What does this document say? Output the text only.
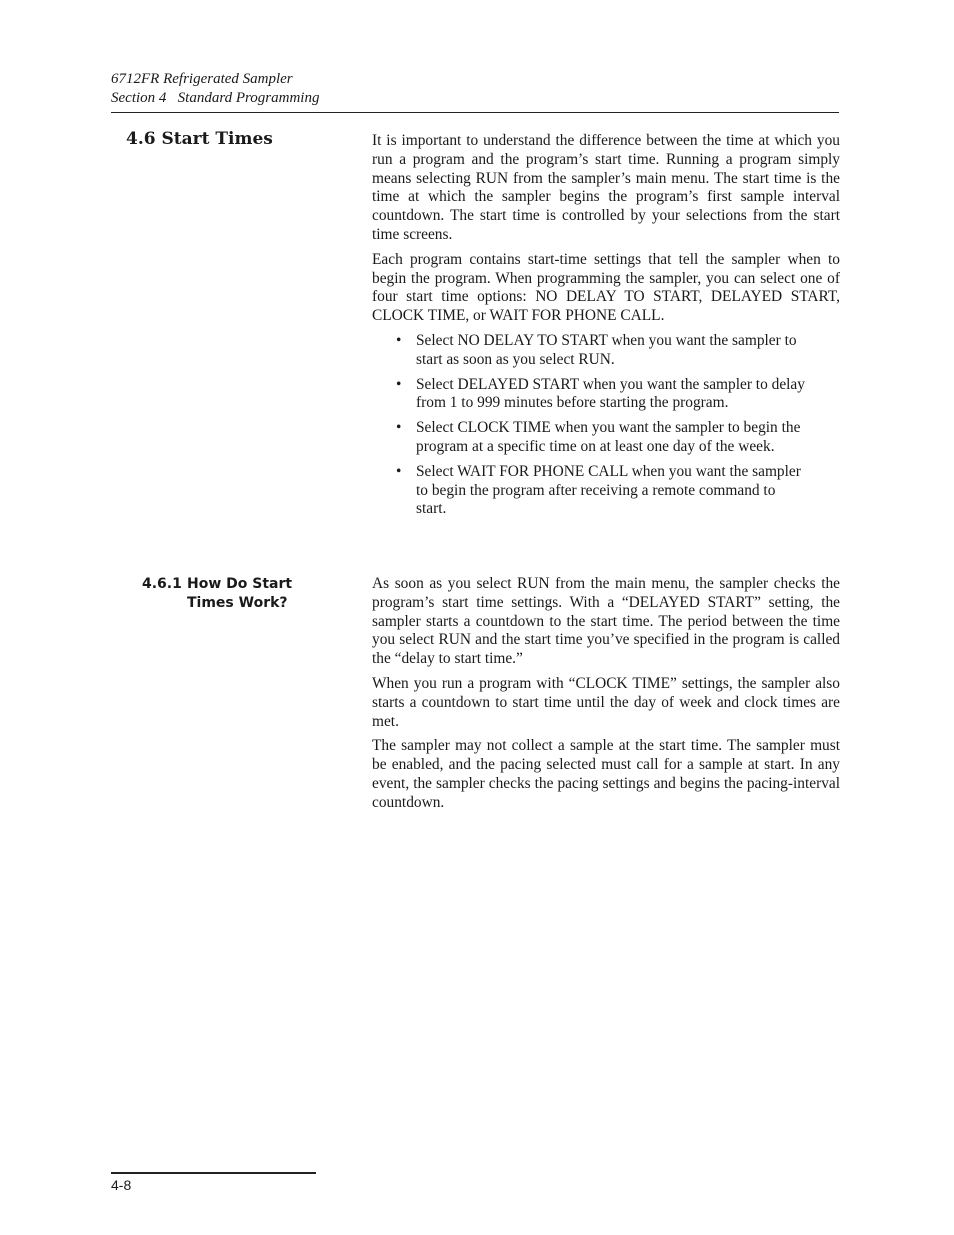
6712FR Refrigerated Sampler
Section 4   Standard Programming
4.6 Start Times	It is important to understand the difference between the time at which you run a program and the program’s start time. Running a program simply means selecting RUN from the sampler’s main menu. The start time is the time at which the sampler begins the program’s first sample interval countdown. The start time is controlled by your selections from the start time screens.

Each program contains start-time settings that tell the sampler when to begin the program. When programming the sampler, you can select one of four start time options: NO DELAY TO START, DELAYED START, CLOCK TIME, or WAIT FOR PHONE CALL.

• Select NO DELAY TO START when you want the sampler to start as soon as you select RUN.
• Select DELAYED START when you want the sampler to delay from 1 to 999 minutes before starting the program.
• Select CLOCK TIME when you want the sampler to begin the program at a specific time on at least one day of the week.
• Select WAIT FOR PHONE CALL when you want the sampler to begin the program after receiving a remote command to start.
4.6.1 How Do Start Times Work?

As soon as you select RUN from the main menu, the sampler checks the program’s start time settings. With a “DELAYED START” setting, the sampler starts a countdown to the start time. The period between the time you select RUN and the start time you’ve specified in the program is called the “delay to start time.”

When you run a program with “CLOCK TIME” settings, the sampler also starts a countdown to start time until the day of week and clock times are met.

The sampler may not collect a sample at the start time. The sampler must be enabled, and the pacing selected must call for a sample at start. In any event, the sampler checks the pacing settings and begins the pacing-interval countdown.

4-8
